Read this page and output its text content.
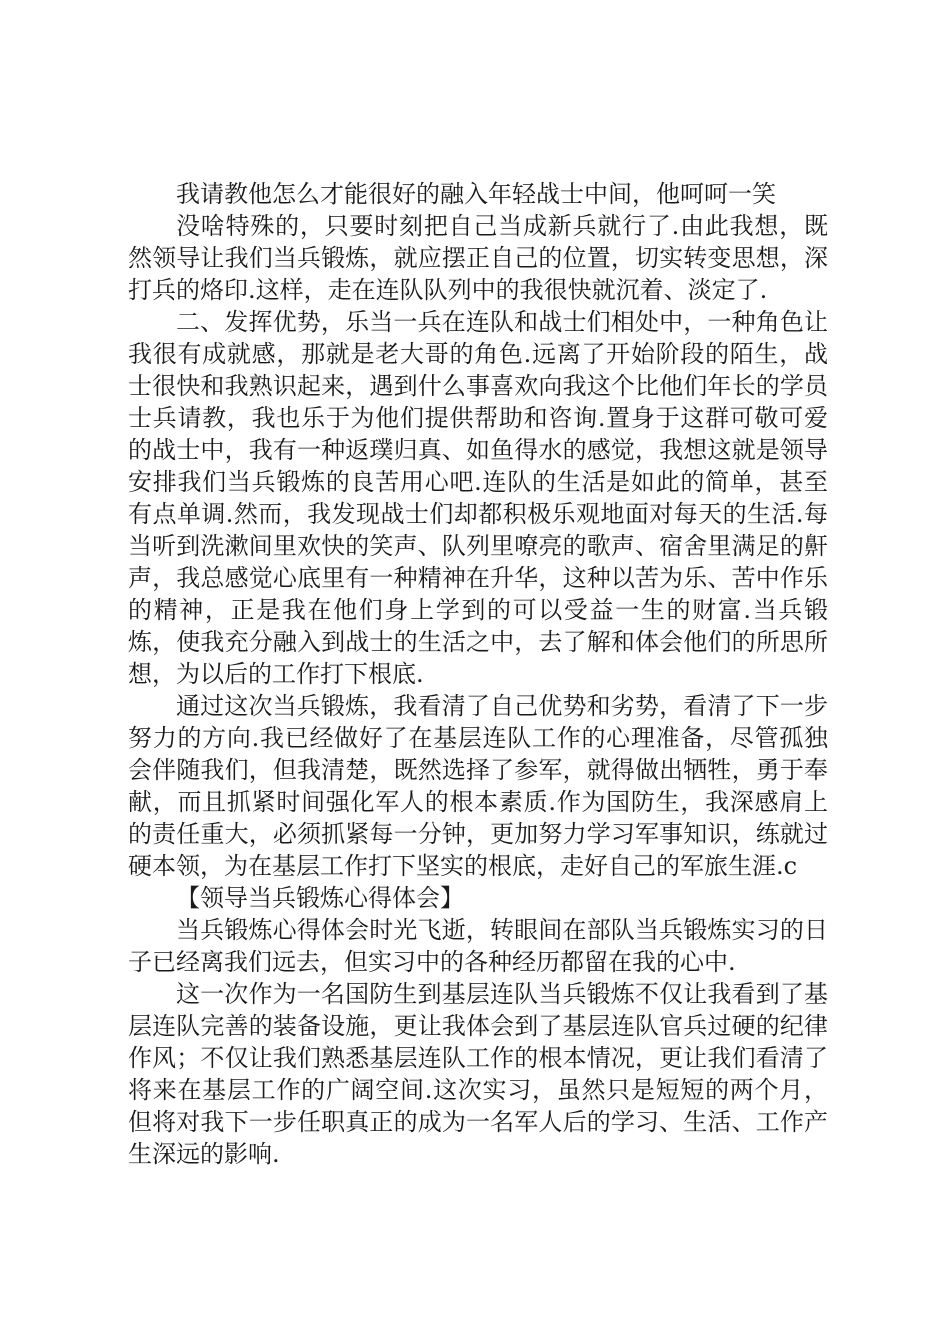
我请教他怎么才能很好的融入年轻战士中间，他呵呵一笑

没啥特殊的，只要时刻把自己当成新兵就行了.由此我想，既然领导让我们当兵锻炼，就应摆正自己的位置，切实转变思想，深打兵的烙印.这样，走在连队队列中的我很快就沉着、淡定了.

二、发挥优势，乐当一兵在连队和战士们相处中，一种角色让我很有成就感，那就是老大哥的角色.远离了开始阶段的陌生，战士很快和我熟识起来，遇到什么事喜欢向我这个比他们年长的学员士兵请教，我也乐于为他们提供帮助和咨询.置身于这群可敬可爱的战士中，我有一种返璞归真、如鱼得水的感觉，我想这就是领导安排我们当兵锻炼的良苦用心吧.连队的生活是如此的简单，甚至有点单调.然而，我发现战士们却都积极乐观地面对每天的生活.每当听到洗漱间里欢快的笑声、队列里嘹亮的歌声、宿舍里满足的鼾声，我总感觉心底里有一种精神在升华，这种以苦为乐、苦中作乐的精神，正是我在他们身上学到的可以受益一生的财富.当兵锻炼，使我充分融入到战士的生活之中，去了解和体会他们的所思所想，为以后的工作打下根底.

通过这次当兵锻炼，我看清了自己优势和劣势，看清了下一步努力的方向.我已经做好了在基层连队工作的心理准备，尽管孤独会伴随我们，但我清楚，既然选择了参军，就得做出牺牲，勇于奉献，而且抓紧时间强化军人的根本素质.作为国防生，我深感肩上的责任重大，必须抓紧每一分钟，更加努力学习军事知识，练就过硬本领，为在基层工作打下坚实的根底，走好自己的军旅生涯.c

【领导当兵锻炼心得体会】

当兵锻炼心得体会时光飞逝，转眼间在部队当兵锻炼实习的日子已经离我们远去，但实习中的各种经历都留在我的心中.

这一次作为一名国防生到基层连队当兵锻炼不仅让我看到了基层连队完善的装备设施，更让我体会到了基层连队官兵过硬的纪律作风；不仅让我们熟悉基层连队工作的根本情况，更让我们看清了将来在基层工作的广阔空间.这次实习，虽然只是短短的两个月，但将对我下一步任职真正的成为一名军人后的学习、生活、工作产生深远的影响.
